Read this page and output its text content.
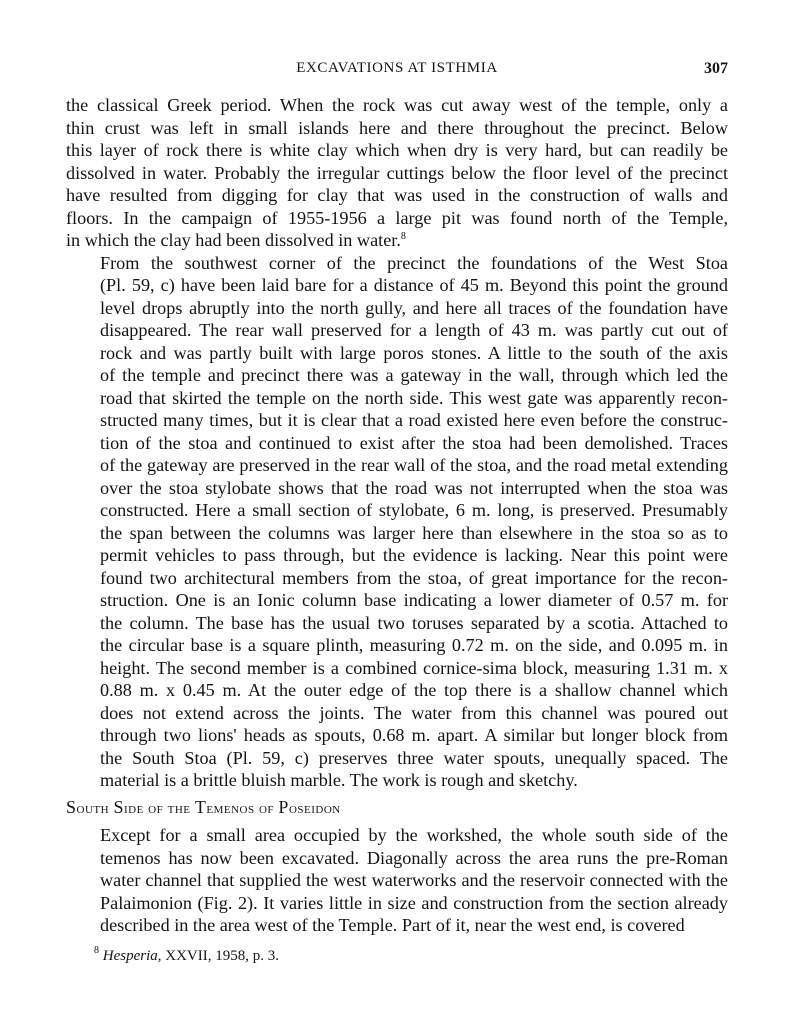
EXCAVATIONS AT ISTHMIA	307

the classical Greek period. When the rock was cut away west of the temple, only a
thin crust was left in small islands here and there throughout the precinct. Below
this layer of rock there is white clay which when dry is very hard, but can readily be
dissolved in water. Probably the irregular cuttings below the floor level of the precinct
have resulted from digging for clay that was used in the construction of walls and
floors. In the campaign of 1955-1956 a large pit was found north of the Temple,
in which the clay had been dissolved in water.$^8$

From the southwest corner of the precinct the foundations of the West Stoa
(Pl. 59, c) have been laid bare for a distance of 45 m. Beyond this point the ground
level drops abruptly into the north gully, and here all traces of the foundation have
disappeared. The rear wall preserved for a length of 43 m. was partly cut out of
rock and was partly built with large poros stones. A little to the south of the axis
of the temple and precinct there was a gateway in the wall, through which led the
road that skirted the temple on the north side. This west gate was apparently recon-
structed many times, but it is clear that a road existed here even before the construc-
tion of the stoa and continued to exist after the stoa had been demolished. Traces
of the gateway are preserved in the rear wall of the stoa, and the road metal extending
over the stoa stylobate shows that the road was not interrupted when the stoa was
constructed. Here a small section of stylobate, 6 m. long, is preserved. Presumably
the span between the columns was larger here than elsewhere in the stoa so as to
permit vehicles to pass through, but the evidence is lacking. Near this point were
found two architectural members from the stoa, of great importance for the recon-
struction. One is an Ionic column base indicating a lower diameter of 0.57 m. for
the column. The base has the usual two toruses separated by a scotia. Attached to
the circular base is a square plinth, measuring 0.72 m. on the side, and 0.095 m. in
height. The second member is a combined cornice-sima block, measuring 1.31 m. x
0.88 m. x 0.45 m. At the outer edge of the top there is a shallow channel which
does not extend across the joints. The water from this channel was poured out
through two lions' heads as spouts, 0.68 m. apart. A similar but longer block from
the South Stoa (Pl. 59, c) preserves three water spouts, unequally spaced. The
material is a brittle bluish marble. The work is rough and sketchy.

South Side of the Temenos of Poseidon

Except for a small area occupied by the workshed, the whole south side of the
temenos has now been excavated. Diagonally across the area runs the pre-Roman
water channel that supplied the west waterworks and the reservoir connected with the
Palaimonion (Fig. 2). It varies little in size and construction from the section already
described in the area west of the Temple. Part of it, near the west end, is covered

$^8$ Hesperia, XXVII, 1958, p. 3.
